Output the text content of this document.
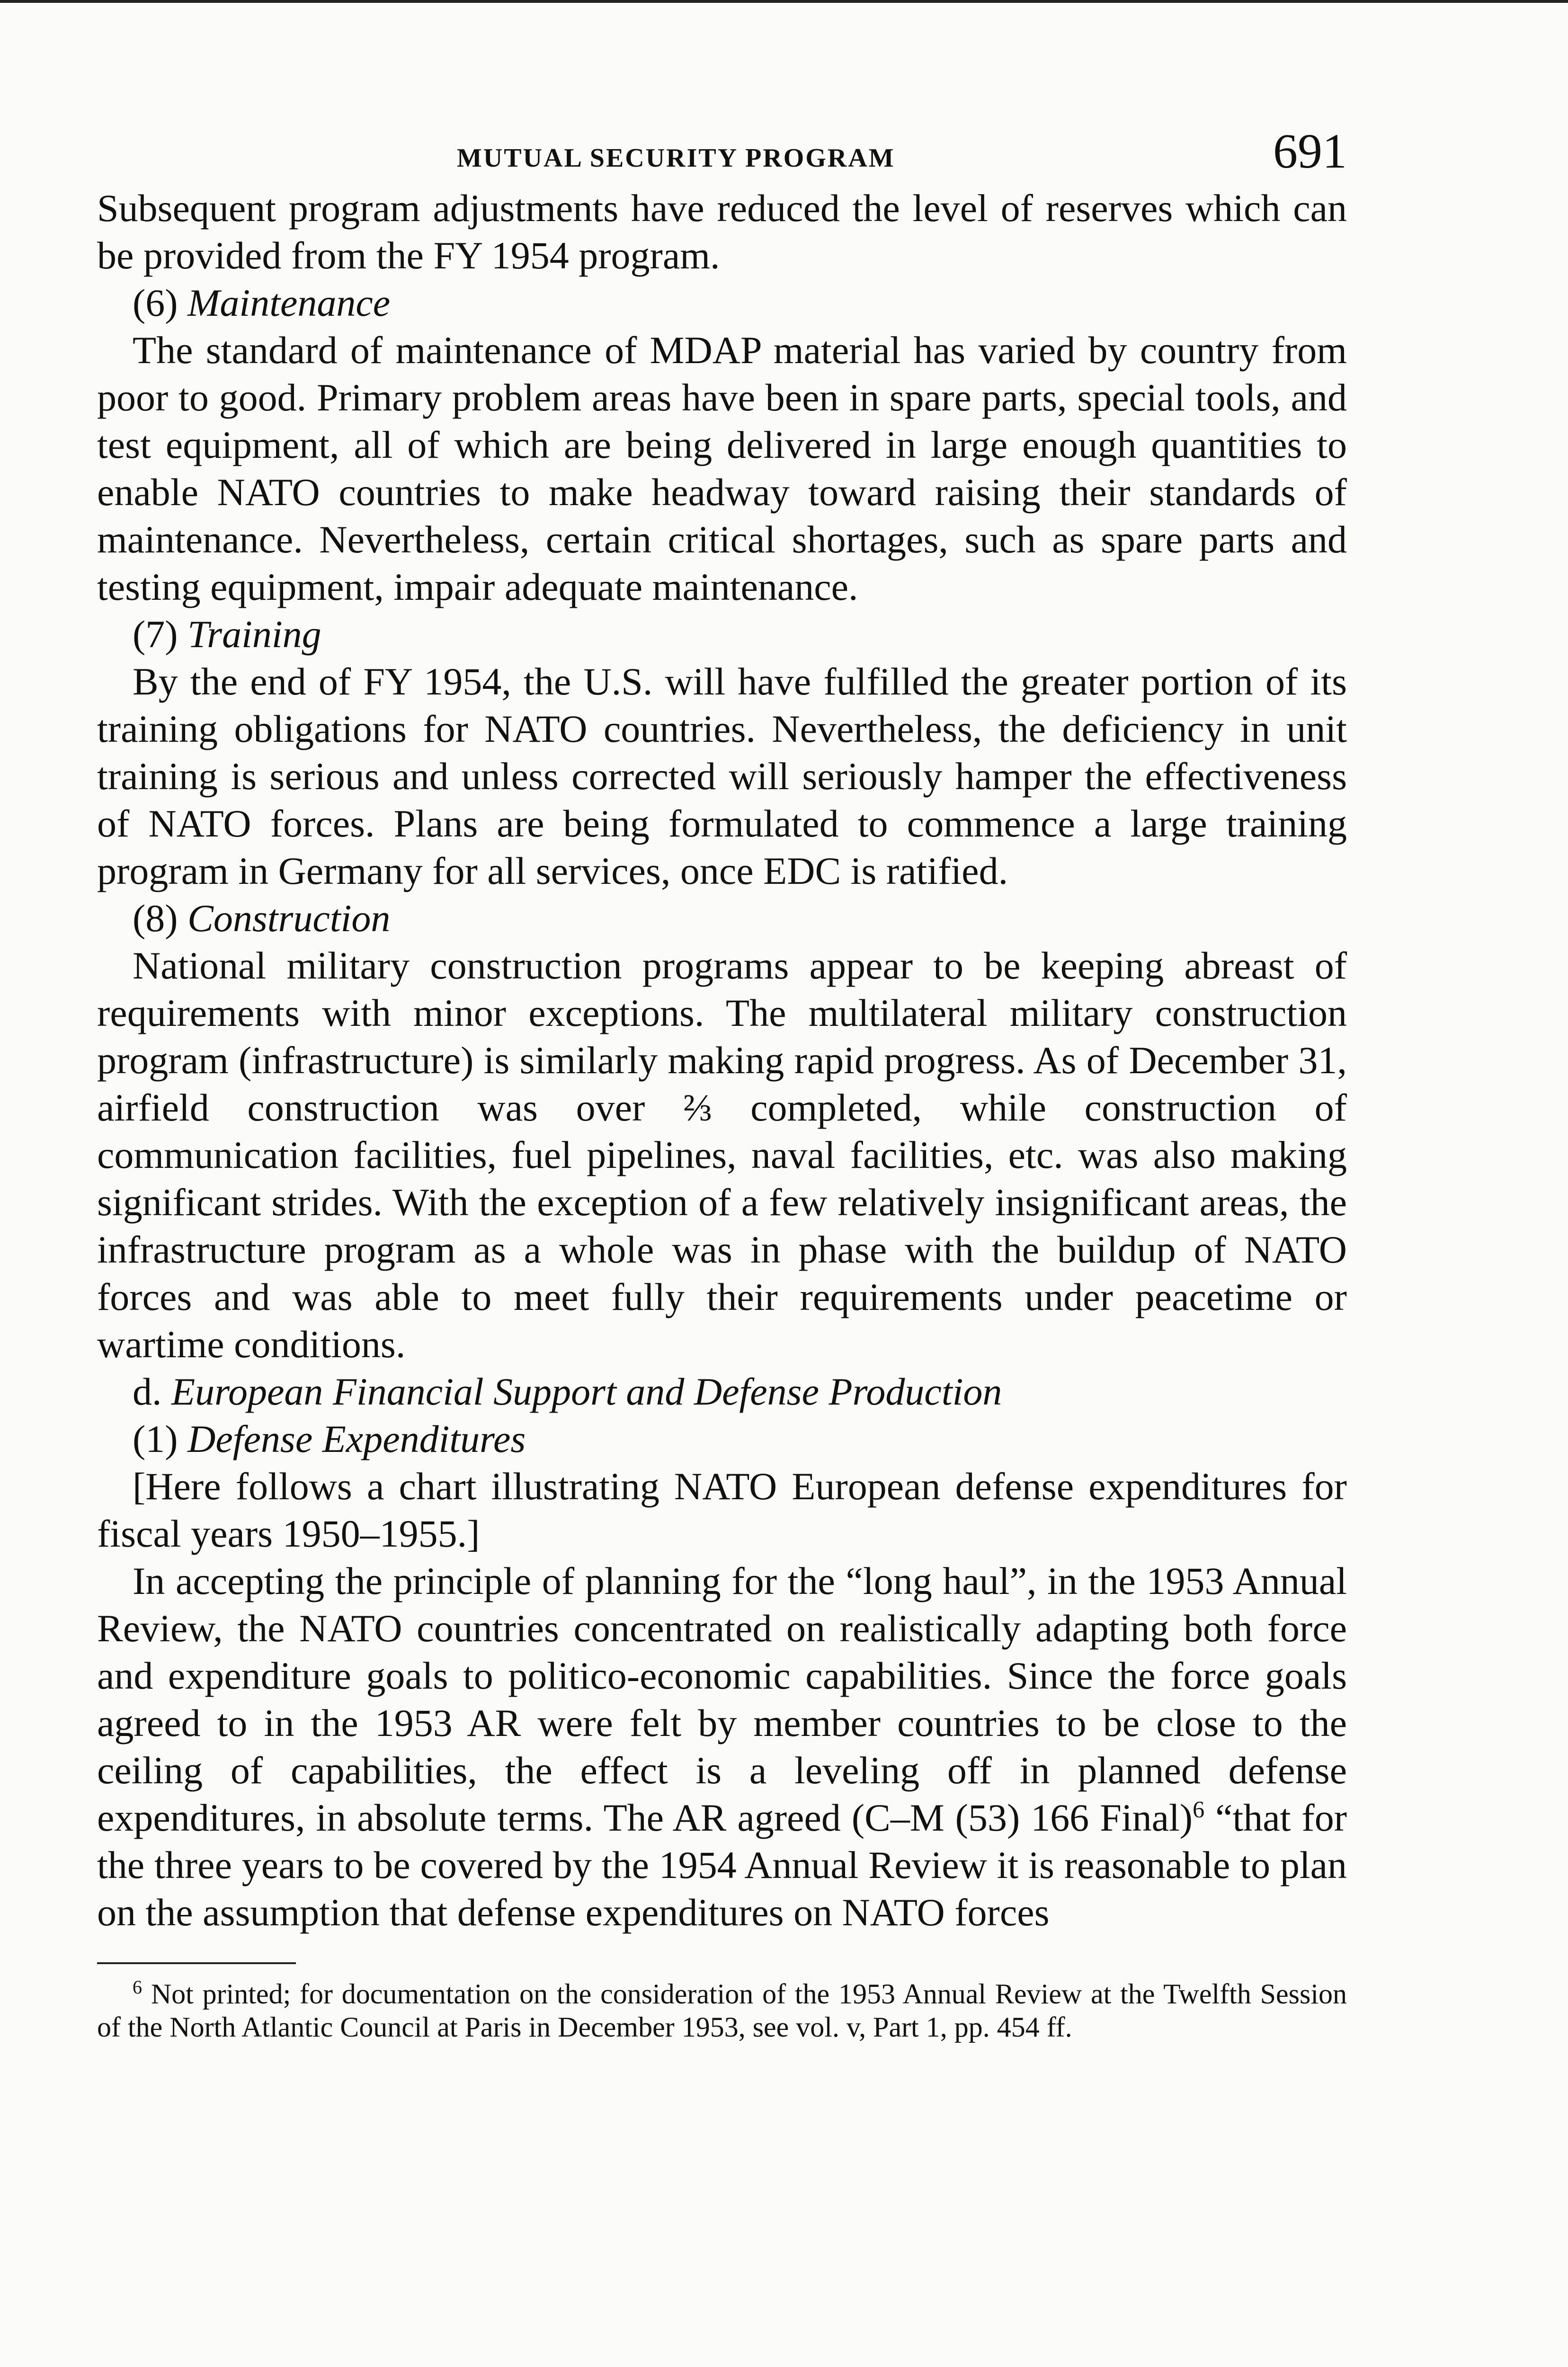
MUTUAL SECURITY PROGRAM	691

Subsequent program adjustments have reduced the level of reserves which can be provided from the FY 1954 program.

(6) Maintenance

The standard of maintenance of MDAP material has varied by country from poor to good. Primary problem areas have been in spare parts, special tools, and test equipment, all of which are being delivered in large enough quantities to enable NATO countries to make headway toward raising their standards of maintenance. Nevertheless, certain critical shortages, such as spare parts and testing equipment, impair adequate maintenance.

(7) Training

By the end of FY 1954, the U.S. will have fulfilled the greater portion of its training obligations for NATO countries. Nevertheless, the deficiency in unit training is serious and unless corrected will seriously hamper the effectiveness of NATO forces. Plans are being formulated to commence a large training program in Germany for all services, once EDC is ratified.

(8) Construction

National military construction programs appear to be keeping abreast of requirements with minor exceptions. The multilateral military construction program (infrastructure) is similarly making rapid progress. As of December 31, airfield construction was over ⅔ completed, while construction of communication facilities, fuel pipelines, naval facilities, etc. was also making significant strides. With the exception of a few relatively insignificant areas, the infrastructure program as a whole was in phase with the buildup of NATO forces and was able to meet fully their requirements under peacetime or wartime conditions.

d. European Financial Support and Defense Production

(1) Defense Expenditures

[Here follows a chart illustrating NATO European defense expenditures for fiscal years 1950–1955.]

In accepting the principle of planning for the “long haul”, in the 1953 Annual Review, the NATO countries concentrated on realistically adapting both force and expenditure goals to politico-economic capabilities. Since the force goals agreed to in the 1953 AR were felt by member countries to be close to the ceiling of capabilities, the effect is a leveling off in planned defense expenditures, in absolute terms. The AR agreed (C–M (53) 166 Final)$^6$ “that for the three years to be covered by the 1954 Annual Review it is reasonable to plan on the assumption that defense expenditures on NATO forces

$^6$ Not printed; for documentation on the consideration of the 1953 Annual Review at the Twelfth Session of the North Atlantic Council at Paris in December 1953, see vol. v, Part 1, pp. 454 ff.
